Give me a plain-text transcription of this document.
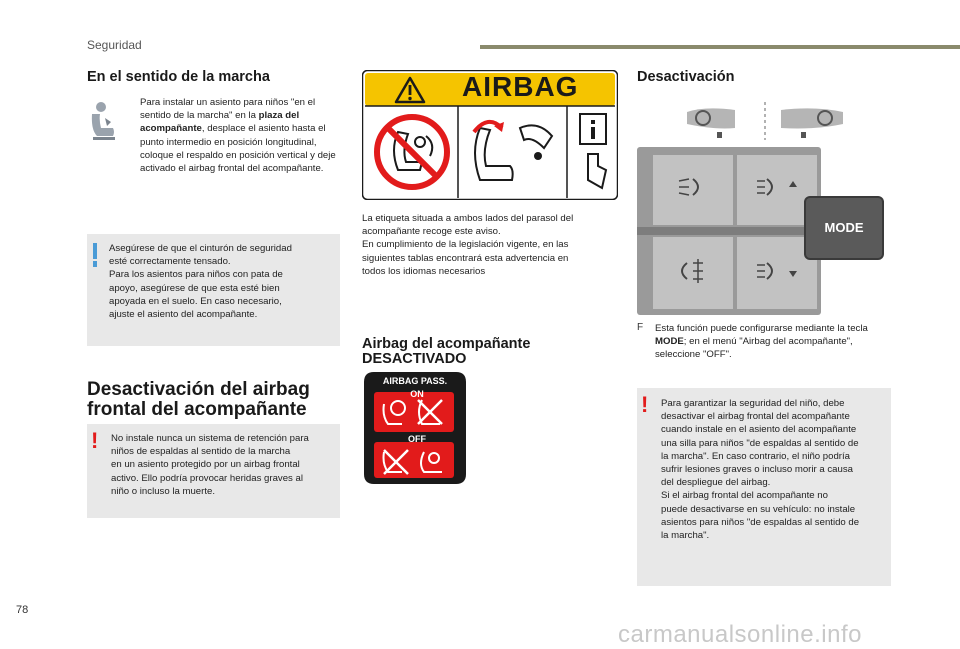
Seguridad
En el sentido de la marcha
Para instalar un asiento para niños "en el sentido de la marcha" en la plaza del acompañante, desplace el asiento hasta el punto intermedio en posición longitudinal, coloque el respaldo en posición vertical y deje activado el airbag frontal del acompañante.
Asegúrese de que el cinturón de seguridad
esté correctamente tensado.
Para los asientos para niños con pata de
apoyo, asegúrese de que esta esté bien
apoyada en el suelo. En caso necesario,
ajuste el asiento del acompañante.
Desactivación del airbag
frontal del acompañante
! No instale nunca un sistema de retención para
niños de espaldas al sentido de la marcha
en un asiento protegido por un airbag frontal
activo. Ello podría provocar heridas graves al
niño o incluso la muerte.
AIRBAG
La etiqueta situada a ambos lados del parasol del
acompañante recoge este aviso.
En cumplimiento de la legislación vigente, en las
siguientes tablas encontrará esta advertencia en
todos los idiomas necesarios
Airbag del acompañante
DESACTIVADO
AIRBAG PASS.
ON
OFF
Desactivación
MODE
F	Esta función puede configurarse mediante la tecla MODE; en el menú "Airbag del acompañante", seleccione "OFF".
! Para garantizar la seguridad del niño, debe
desactivar el airbag frontal del acompañante
cuando instale en el asiento del acompañante
una silla para niños "de espaldas al sentido de
la marcha". En caso contrario, el niño podría
sufrir lesiones graves o incluso morir a causa
del despliegue del airbag.
Si el airbag frontal del acompañante no
puede desactivarse en su vehículo: no instale
asientos para niños "de espaldas al sentido de
la marcha".
78
carmanualsonline.info
